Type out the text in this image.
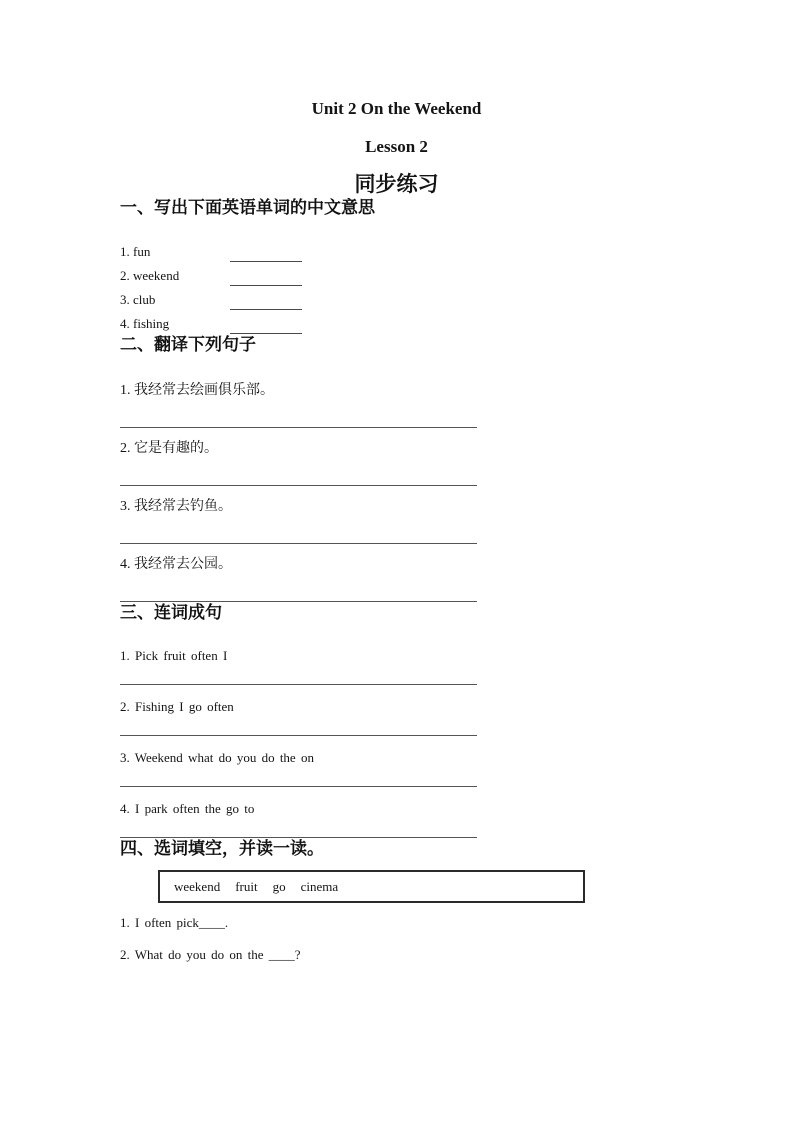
Unit 2 On the Weekend
Lesson 2
同步练习
一、写出下面英语单词的中文意思
1. fun
2. weekend
3. club
4. fishing
二、翻译下列句子
1. 我经常去绘画俱乐部。
2. 它是有趣的。
3. 我经常去钓鱼。
4. 我经常去公园。
三、连词成句
1. Pick fruit often I
2. Fishing I go often
3. Weekend what do you do the on
4. I park often the go to
四、选词填空，并读一读。
weekend fruit go cinema
1. I often pick____.
2. What do you do on the ____?
